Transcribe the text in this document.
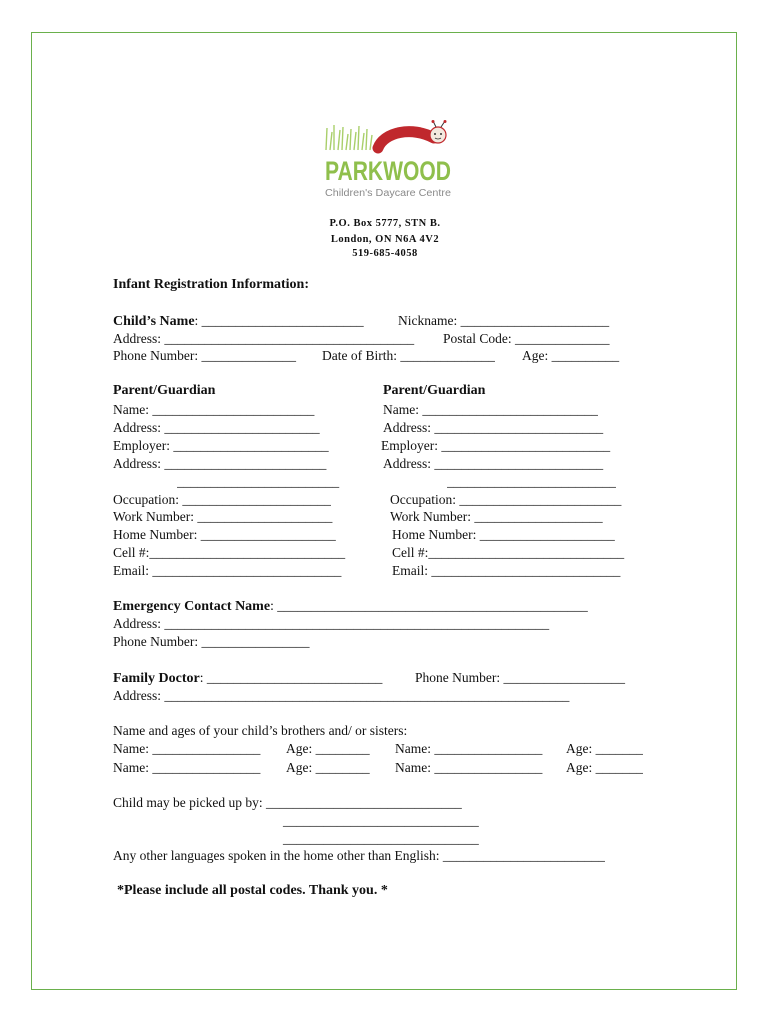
PARKWOOD
Children's Daycare Centre
P.O. Box 5777, STN B.
London, ON N6A 4V2
519-685-4058
Infant Registration Information:
Child’s Name: ________________________	Nickname: ______________________
Address: _____________________________________ Postal Code: ______________
Phone Number: ______________ Date of Birth: ______________ Age: __________
Parent/Guardian	Parent/Guardian
Name: ________________________
Address: _______________________
Employer: _______________________
Address: ________________________
________________________
Occupation: ______________________
Work Number: ____________________
Home Number: ____________________
Cell #:_____________________________
Email: ____________________________
Name: __________________________
Address: _________________________
Employer: _________________________
Address: _________________________
_________________________
Occupation: ________________________
Work Number: ___________________
Home Number: ____________________
Cell #:_____________________________
Email: ____________________________
Emergency Contact Name: ______________________________________________
Address: _________________________________________________________
Phone Number: ________________
Family Doctor: __________________________ Phone Number: __________________
Address: ____________________________________________________________
Name and ages of your child’s brothers and/ or sisters:
Name: ________________ Age: ________ Name: ________________ Age: _______
Name: ________________ Age: ________ Name: ________________ Age: _______
Child may be picked up by: _____________________________
_____________________________
_____________________________
Any other languages spoken in the home other than English: ________________________
*Please include all postal codes. Thank you. *
